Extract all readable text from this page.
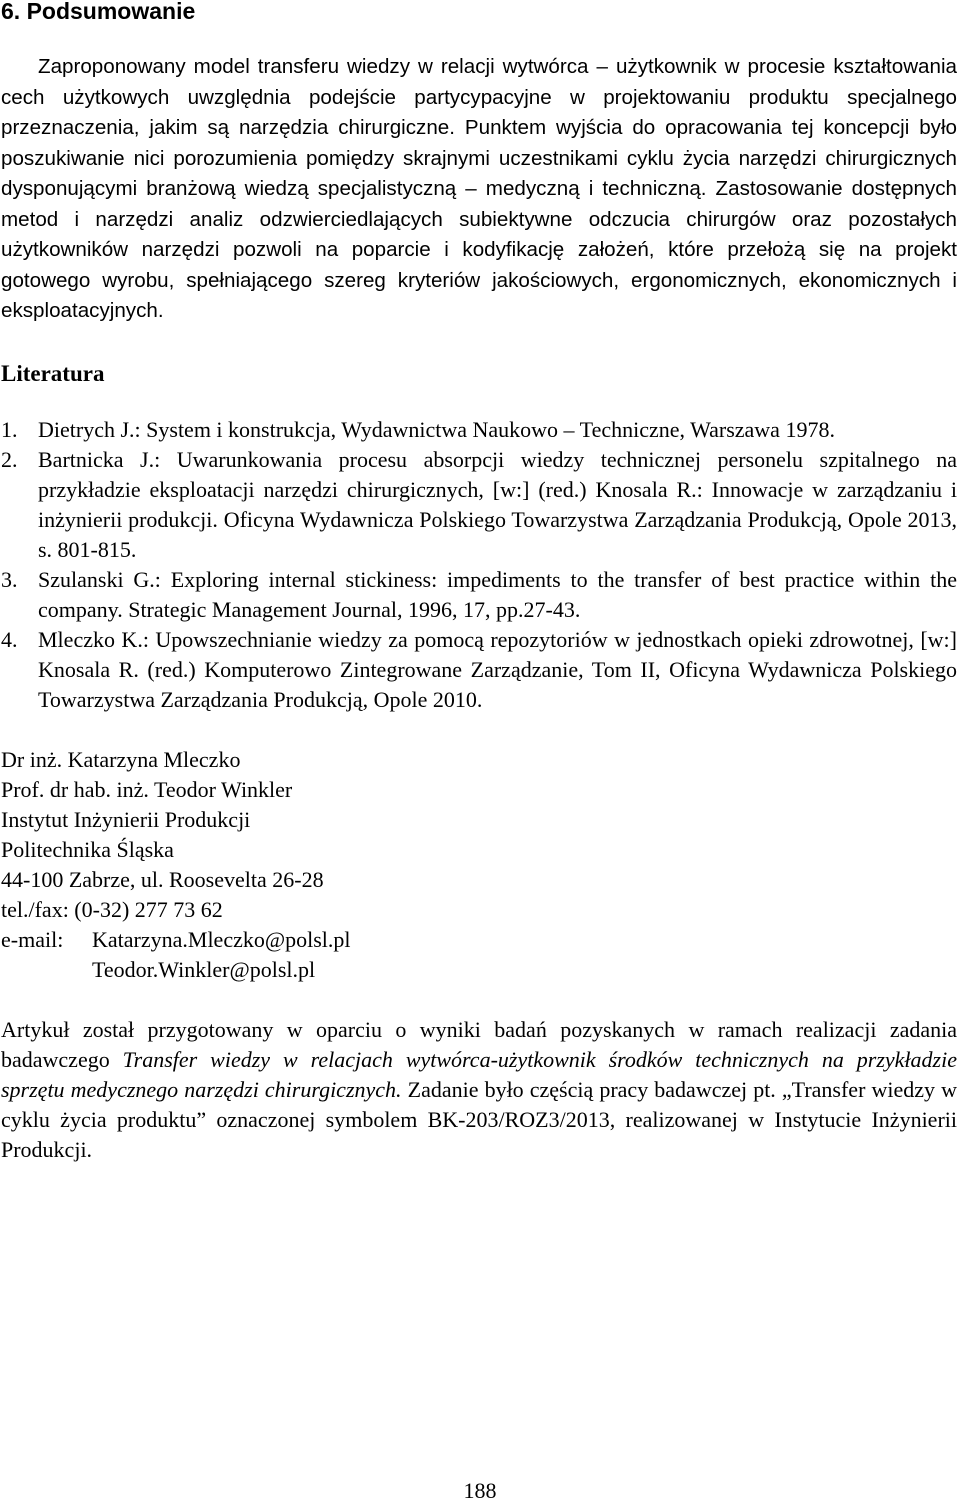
6. Podsumowanie

Zaproponowany model transferu wiedzy w relacji wytwórca – użytkownik w procesie kształtowania cech użytkowych uwzględnia podejście partycypacyjne w projektowaniu produktu specjalnego przeznaczenia, jakim są narzędzia chirurgiczne. Punktem wyjścia do opracowania tej koncepcji było poszukiwanie nici porozumienia pomiędzy skrajnymi uczestnikami cyklu życia narzędzi chirurgicznych dysponującymi branżową wiedzą specjalistyczną – medyczną i techniczną. Zastosowanie dostępnych metod i narzędzi analiz odzwierciedlających subiektywne odczucia chirurgów oraz pozostałych użytkowników narzędzi pozwoli na poparcie i kodyfikację założeń, które przełożą się na projekt gotowego wyrobu, spełniającego szereg kryteriów jakościowych, ergonomicznych, ekonomicznych i eksploatacyjnych.

Literatura
1. Dietrych J.: System i konstrukcja, Wydawnictwa Naukowo – Techniczne, Warszawa 1978.
2. Bartnicka J.: Uwarunkowania procesu absorpcji wiedzy technicznej personelu szpitalnego na przykładzie eksploatacji narzędzi chirurgicznych, [w:] (red.) Knosala R.: Innowacje w zarządzaniu i inżynierii produkcji. Oficyna Wydawnicza Polskiego Towarzystwa Zarządzania Produkcją, Opole 2013, s. 801-815.
3. Szulanski G.: Exploring internal stickiness: impediments to the transfer of best practice within the company. Strategic Management Journal, 1996, 17, pp.27-43.
4. Mleczko K.: Upowszechnianie wiedzy za pomocą repozytoriów w jednostkach opieki zdrowotnej, [w:] Knosala R. (red.) Komputerowo Zintegrowane Zarządzanie, Tom II, Oficyna Wydawnicza Polskiego Towarzystwa Zarządzania Produkcją, Opole 2010.
Dr inż. Katarzyna Mleczko
Prof. dr hab. inż. Teodor Winkler
Instytut Inżynierii Produkcji
Politechnika Śląska
44-100 Zabrze, ul. Roosevelta 26-28
tel./fax: (0-32) 277 73 62
e-mail:	Katarzyna.Mleczko@polsl.pl
Teodor.Winkler@polsl.pl

Artykuł został przygotowany w oparciu o wyniki badań pozyskanych w ramach realizacji zadania badawczego Transfer wiedzy w relacjach wytwórca-użytkownik środków technicznych na przykładzie sprzętu medycznego narzędzi chirurgicznych. Zadanie było częścią pracy badawczej pt. „Transfer wiedzy w cyklu życia produktu” oznaczonej symbolem BK-203/ROZ3/2013, realizowanej w Instytucie Inżynierii Produkcji.

188
